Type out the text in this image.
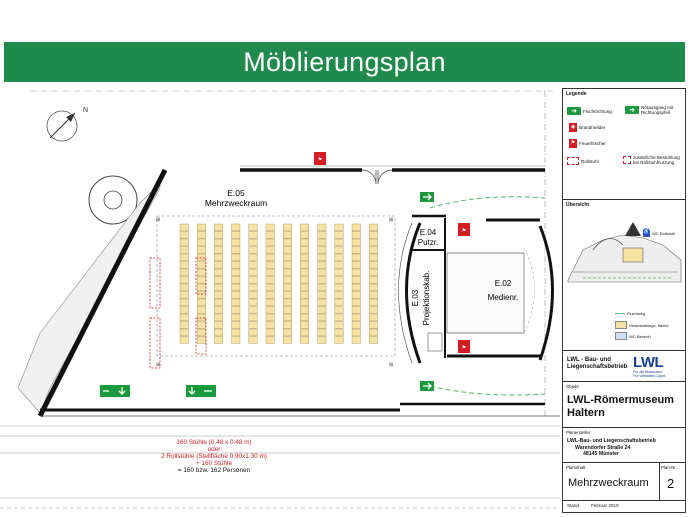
Möblierungsplan
N
⊞	⊞
⊞	⊞
E.05
Mehrzweckraum
E.04
Putzr.
E.03 Projektionskab.	E.02
Medienr.
⚑
⚑
⚑
160 Stühle (0.48 x 0.48 m)
oder
2 Rollstühle (Stellfläche 0.90x1.30 m)
+ 160 Stühle
= 160 bzw. 162 Personen
Legende
➜	Fluchtrichtung	➜	Notausgang mit Richtungspfeil
◉ Brandmelder
⚑ Feuerlöscher
Rollstuhl
zusätzliche Bestuhlung bei Rollstuhlnutzung
Übersicht
♿ WC Rollstuhl
Fluchtweg
Veranstaltungs- fläche
WC-Bereich
LWL - Bau- und
Liegenschaftsbetrieb LWL
Für die Menschen.
Für Westfalen-Lippe.
Objekt
LWL-Römermuseum
Haltern
Planersteller
LWL-Bau- und Liegenschaftsbetrieb
Warendorfer Straße 24
48145 Münster
Planinhalt	Plan-Nr.
Mehrzweckraum 2
Stand	Februar 2010
